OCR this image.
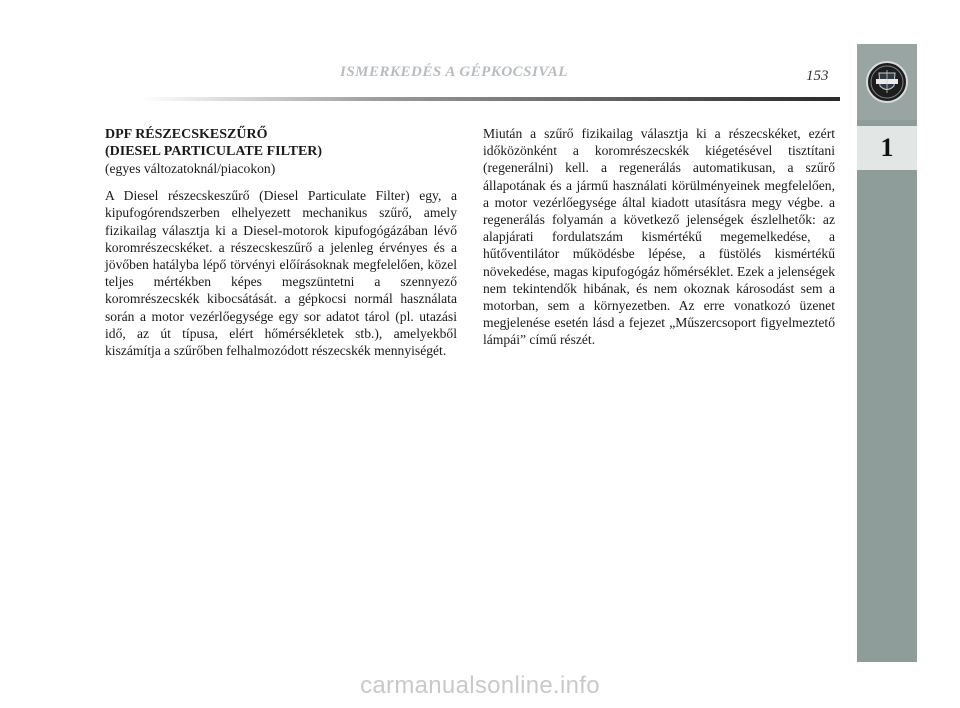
ISMERKEDÉS A GÉPKOCSIVAL	153
1
DPF RÉSZECSKESZŰRŐ
(DIESEL PARTICULATE FILTER)
(egyes változatoknál/piacokon)

A Diesel részecskeszűrő (Diesel Particulate Filter) egy, a kipufogórendszerben elhelyezett mechanikus szűrő, amely fizikailag választja ki a Diesel-motorok kipufogógázában lévő koromrészecskéket. a részecskeszűrő a jelenleg érvényes és a jövőben hatályba lépő törvényi előírásoknak megfelelően, közel teljes mértékben képes megszüntetni a szennyező koromrészecskék kibocsátását. a gépkocsi normál használata során a motor vezérlőegysége egy sor adatot tárol (pl. utazási idő, az út típusa, elért hőmérsékletek stb.), amelyekből kiszámítja a szűrőben felhalmozódott részecskék mennyiségét.

Miután a szűrő fizikailag választja ki a részecskéket, ezért időközönként a koromrészecskék kiégetésével tisztítani (regenerálni) kell. a regenerálás automatikusan, a szűrő állapotának és a jármű használati körülményeinek megfelelően, a motor vezérlőegysége által kiadott utasításra megy végbe. a regenerálás folyamán a következő jelenségek észlelhetők: az alapjárati fordulatszám kismértékű megemelkedése, a hűtőventilátor működésbe lépése, a füstölés kismértékű növekedése, magas kipufogógáz hőmérséklet. Ezek a jelenségek nem tekintendők hibának, és nem okoznak károsodást sem a motorban, sem a környezetben. Az erre vonatkozó üzenet megjelenése esetén lásd a fejezet „Műszercsoport figyelmeztető lámpái” című részét.

carmanualsonline.info
